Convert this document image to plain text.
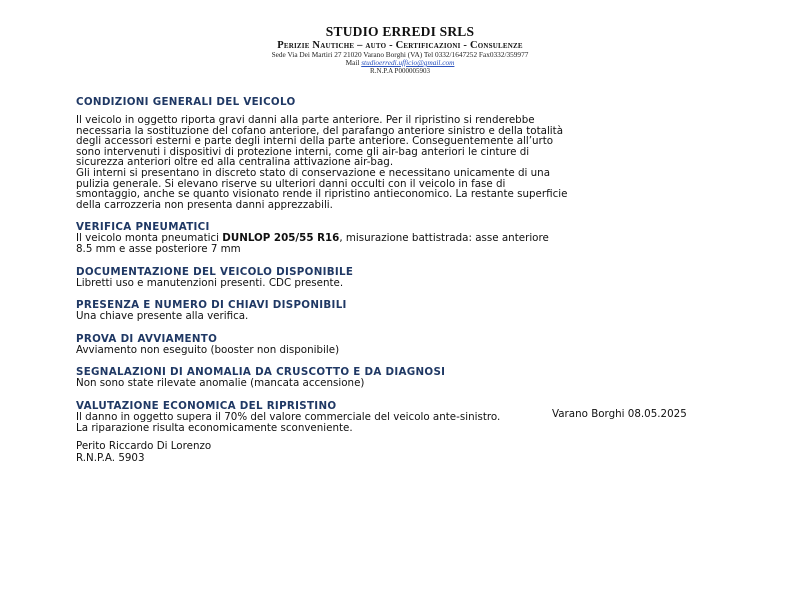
STUDIO ERREDI SRLS
Perizie Nautiche – auto - Certificazioni - Consulenze
Sede Via Dei Martiri 27 21020 Varano Borghi (VA) Tel 0332/1647252 Fax0332/359977
Mail studioerredi.ufficio@gmail.com
R.N.P.A P000005903
CONDIZIONI GENERALI DEL VEICOLO
Il veicolo in oggetto riporta gravi danni alla parte anteriore. Per il ripristino si renderebbe
necessaria la sostituzione del cofano anteriore, del parafango anteriore sinistro e della totalità
degli accessori esterni e parte degli interni della parte anteriore. Conseguentemente all’urto
sono intervenuti i dispositivi di protezione interni, come gli air-bag anteriori le cinture di
sicurezza anteriori oltre ed alla centralina attivazione air-bag.
Gli interni si presentano in discreto stato di conservazione e necessitano unicamente di una
pulizia generale. Si elevano riserve su ulteriori danni occulti con il veicolo in fase di
smontaggio, anche se quanto visionato rende il ripristino antieconomico. La restante superficie
della carrozzeria non presenta danni apprezzabili.
VERIFICA PNEUMATICI
Il veicolo monta pneumatici DUNLOP 205/55 R16, misurazione battistrada: asse anteriore
8.5 mm e asse posteriore 7 mm
DOCUMENTAZIONE DEL VEICOLO DISPONIBILE
Libretti uso e manutenzioni presenti. CDC presente.
PRESENZA E NUMERO DI CHIAVI DISPONIBILI
Una chiave presente alla verifica.
PROVA DI AVVIAMENTO
Avviamento non eseguito (booster non disponibile)
SEGNALAZIONI DI ANOMALIA DA CRUSCOTTO E DA DIAGNOSI
Non sono state rilevate anomalie (mancata accensione)
VALUTAZIONE ECONOMICA DEL RIPRISTINO
Il danno in oggetto supera il 70% del valore commerciale del veicolo ante-sinistro.
La riparazione risulta economicamente sconveniente.
Varano Borghi 08.05.2025
Perito Riccardo Di Lorenzo
R.N.P.A. 5903
